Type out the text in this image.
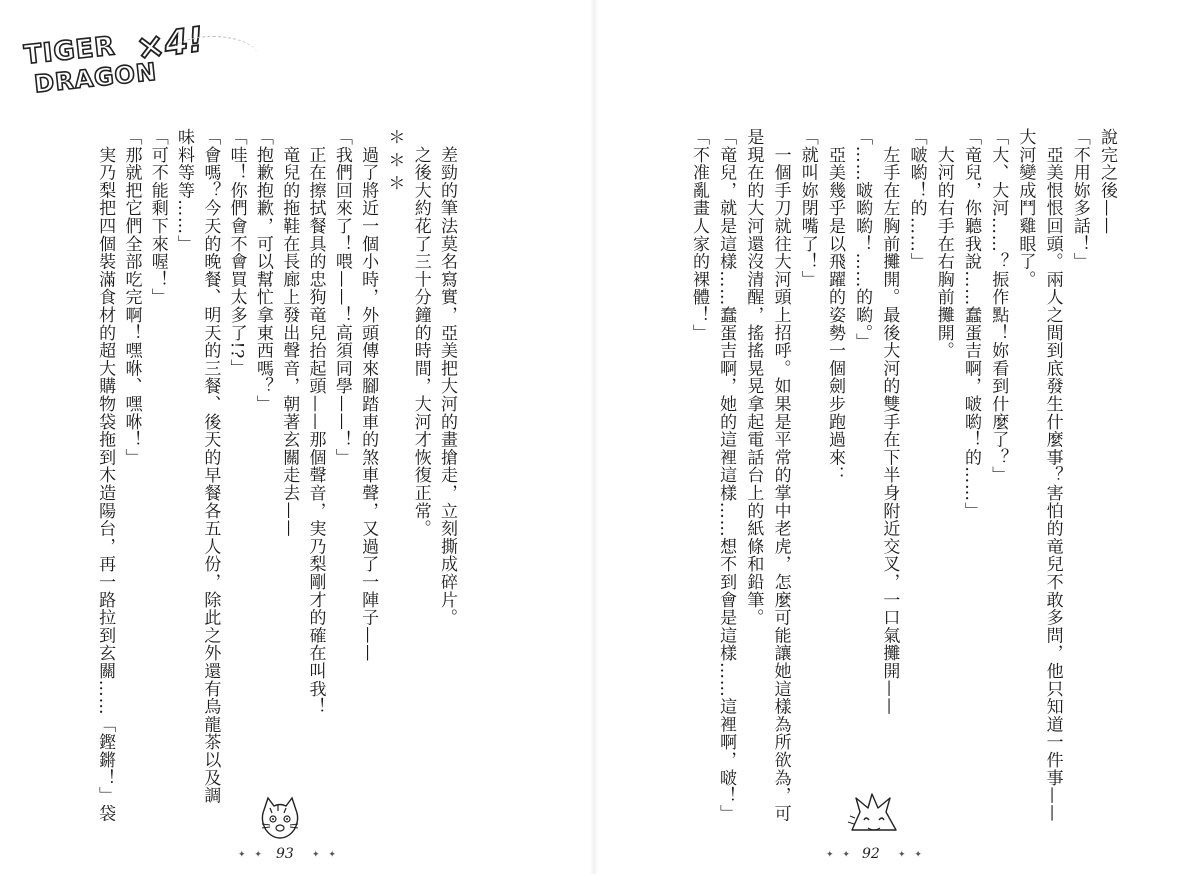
TIGER
DRAGON
×4!
說完之後——
「不用妳多話！」
　亞美恨恨回頭。兩人之間到底發生什麼事？害怕的竜兒不敢多問，他只知道一件事——
大河變成鬥雞眼了。
「大、大河……？振作點！妳看到什麼了？」
「竜兒，你聽我說……蠢蛋吉啊，啵喲！的……」
　大河的右手在右胸前攤開。
「啵喲！的……」
　左手在左胸前攤開。最後大河的雙手在下半身附近交叉，一口氣攤開——
「……啵喲喲！……的喲。」
　亞美幾乎是以飛躍的姿勢一個劍步跑過來：
「就叫妳閉嘴了！」
　一個手刀就往大河頭上招呼。如果是平常的掌中老虎，怎麼可能讓她這樣為所欲為，可
是現在的大河還沒清醒，搖搖晃晃拿起電話台上的紙條和鉛筆。
「竜兒，就是這樣……蠢蛋吉啊，她的這裡這樣……想不到會是這樣……這裡啊，啵！」
「不准亂畫人家的裸體！」
　差勁的筆法莫名寫實，亞美把大河的畫搶走，立刻撕成碎片。
　之後大約花了三十分鐘的時間，大河才恢復正常。
＊＊＊
　過了將近一個小時，外頭傳來腳踏車的煞車聲，又過了一陣子——
「我們回來了！喂——！高須同學——！」
　正在擦拭餐具的忠狗竜兒抬起頭——那個聲音，実乃梨剛才的確在叫我！
　竜兒的拖鞋在長廊上發出聲音，朝著玄關走去——
「抱歉抱歉，可以幫忙拿東西嗎？」
「哇！你們會不會買太多了!?」
「會嗎？今天的晚餐、明天的三餐、後天的早餐各五人份，除此之外還有烏龍茶以及調
味料等等……」
「可不能剩下來喔！」
「那就把它們全部吃完啊！嘿咻、嘿咻！」
　実乃梨把四個裝滿食材的超大購物袋拖到木造陽台，再一路拉到玄關……「鏗鏘！」袋
✦ ✦	✦ ✦	✦ ✦	✦ ✦
93	92
